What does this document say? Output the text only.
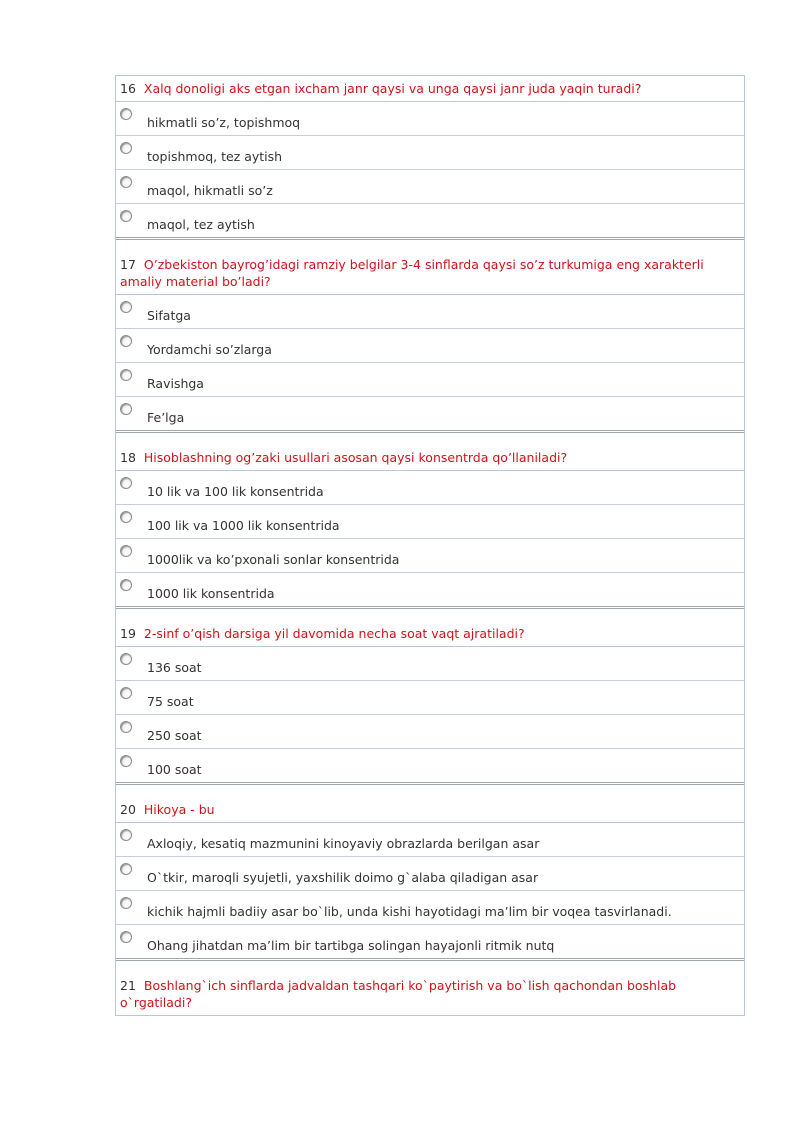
16 Xalq donoligi aks etgan ixcham janr qaysi va unga qaysi janr juda yaqin turadi?
hikmatli so’z, topishmoq
topishmoq, tez aytish
maqol, hikmatli so’z
maqol, tez aytish
17 O’zbekiston bayrog’idagi ramziy belgilar 3-4 sinflarda qaysi so’z turkumiga eng xarakterli amaliy material bo’ladi?
Sifatga
Yordamchi so’zlarga
Ravishga
Fe’lga
18 Hisoblashning og’zaki usullari asosan qaysi konsentrda qo’llaniladi?
10 lik va 100 lik konsentrida
100 lik va 1000 lik konsentrida
1000lik va ko’pxonali sonlar konsentrida
1000 lik konsentrida
19 2-sinf o’qish darsiga yil davomida necha soat vaqt ajratiladi?
136 soat
75 soat
250 soat
100 soat
20 Hikoya - bu
Axloqiy, kesatiq mazmunini kinoyaviy obrazlarda berilgan asar
O`tkir, maroqli syujetli, yaxshilik doimo g`alaba qiladigan asar
kichik hajmli badiiy asar bo`lib, unda kishi hayotidagi ma’lim bir voqea tasvirlanadi.
Ohang jihatdan ma’lim bir tartibga solingan hayajonli ritmik nutq
21 Boshlang`ich sinflarda jadvaldan tashqari ko`paytirish va bo`lish qachondan boshlab o`rgatiladi?
